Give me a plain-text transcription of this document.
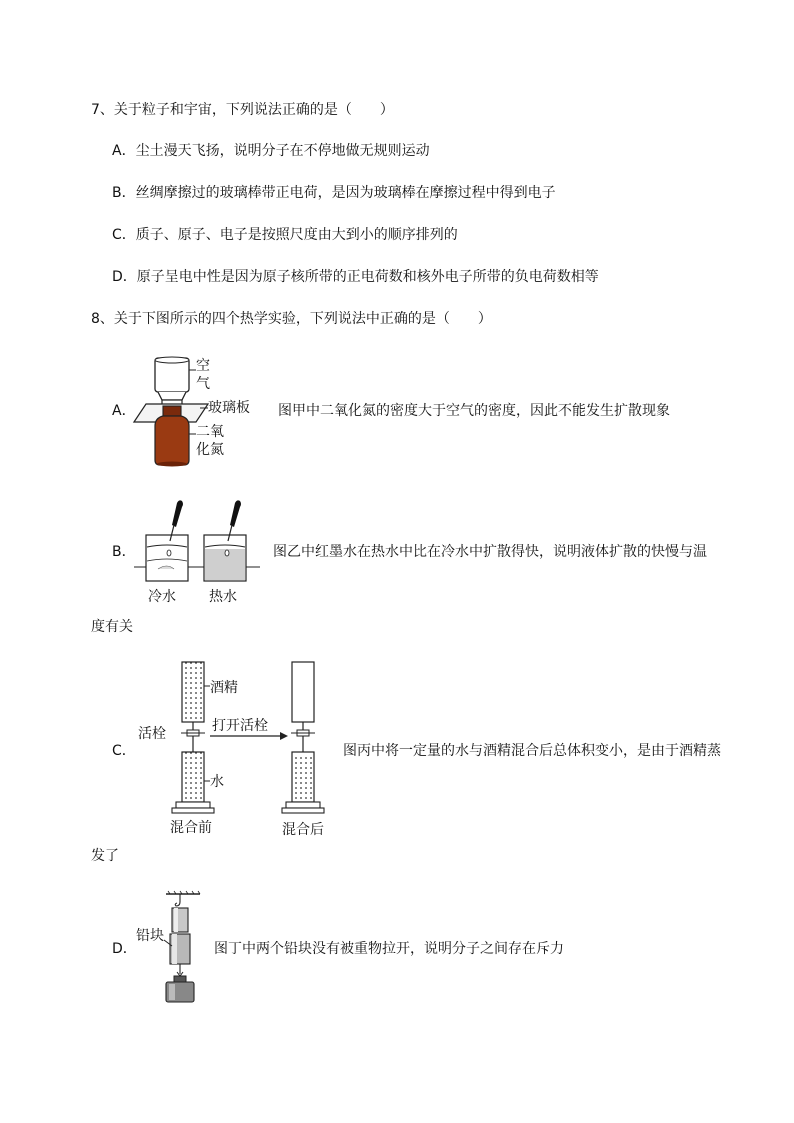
7、关于粒子和宇宙，下列说法正确的是（　　）
A．尘土漫天飞扬，说明分子在不停地做无规则运动
B．丝绸摩擦过的玻璃棒带正电荷，是因为玻璃棒在摩擦过程中得到电子
C．质子、原子、电子是按照尺度由大到小的顺序排列的
D．原子呈电中性是因为原子核所带的正电荷数和核外电子所带的负电荷数相等
8、关于下图所示的四个热学实验，下列说法中正确的是（　　）
A．
空
气
玻璃板
二氧
化氮
图甲中二氧化氮的密度大于空气的密度，因此不能发生扩散现象
B．
冷水 热水
图乙中红墨水在热水中比在冷水中扩散得快，说明液体扩散的快慢与温
度有关
C．
酒精
活栓	打开活栓
水
混合前	混合后
图丙中将一定量的水与酒精混合后总体积变小，是由于酒精蒸
发了
D．
铅块
图丁中两个铅块没有被重物拉开，说明分子之间存在斥力
